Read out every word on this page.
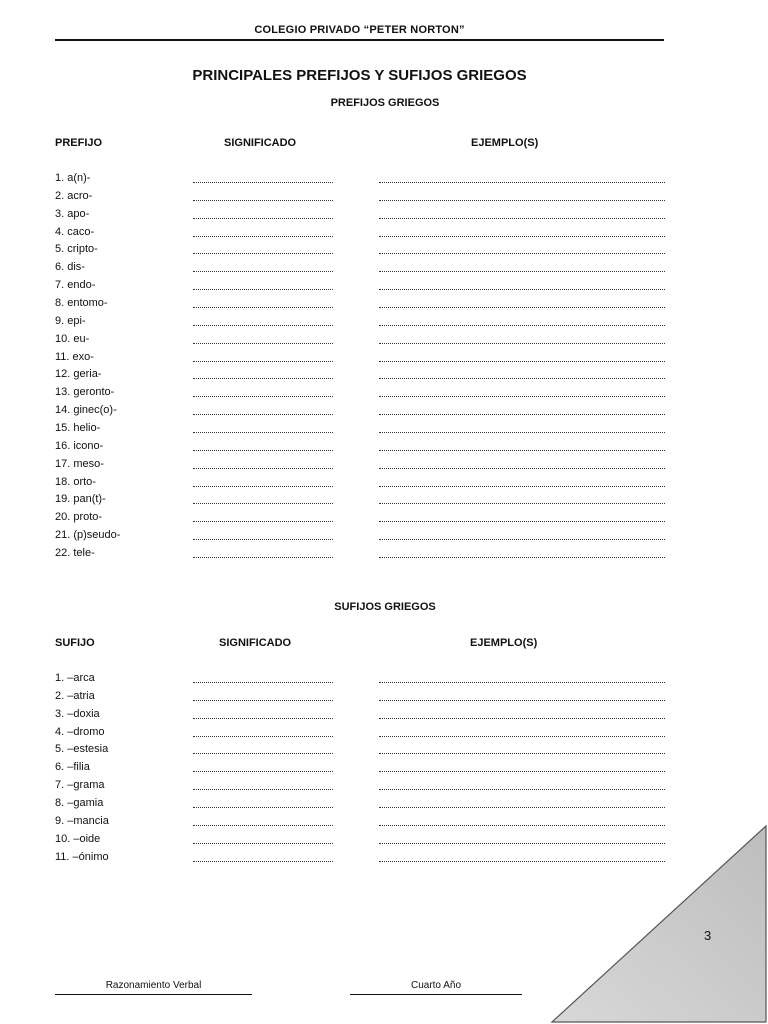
COLEGIO PRIVADO “PETER NORTON”
PRINCIPALES PREFIJOS Y SUFIJOS GRIEGOS
PREFIJOS GRIEGOS
PREFIJO	SIGNIFICADO	EJEMPLO(S)
1. a(n)-
2. acro-
3. apo-
4. caco-
5. cripto-
6. dis-
7. endo-
8. entomo-
9. epi-
10. eu-
11. exo-
12. geria-
13. geronto-
14. ginec(o)-
15. helio-
16. icono-
17. meso-
18. orto-
19. pan(t)-
20. proto-
21. (p)seudo-
22. tele-
SUFIJOS GRIEGOS
SUFIJO	SIGNIFICADO	EJEMPLO(S)
1. –arca
2. –atria
3. –doxia
4. –dromo
5. –estesia
6. –filia
7. –grama
8. –gamia
9. –mancia
10. –oide
11. –ónimo
Razonamiento Verbal	Cuarto Año
3
